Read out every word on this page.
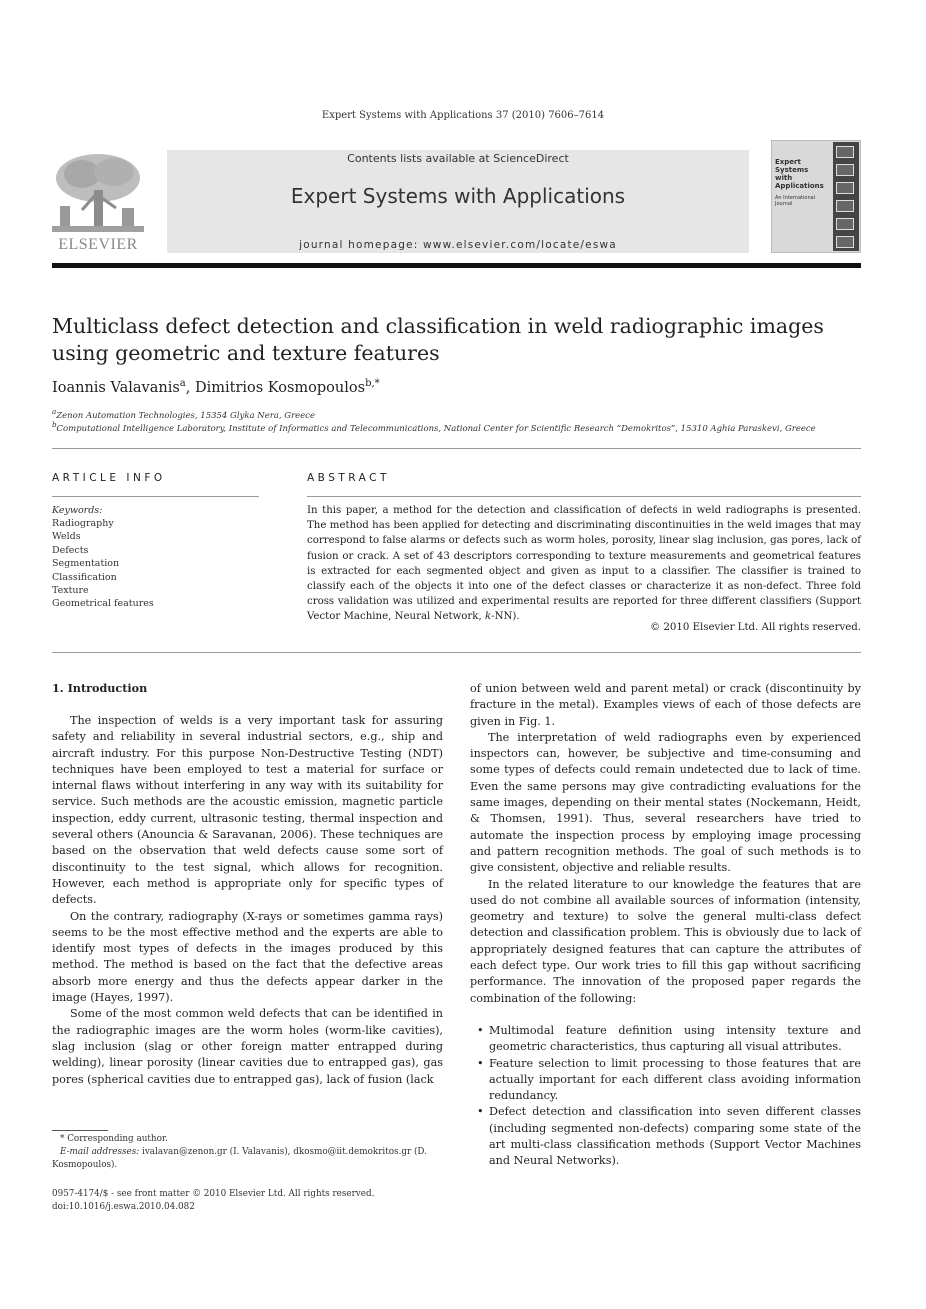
Expert Systems with Applications 37 (2010) 7606–7614
ELSEVIER
Contents lists available at ScienceDirect
Expert Systems with Applications
journal homepage: www.elsevier.com/locate/eswa
Expert
Systems
with
Applications
An International
Journal
Multiclass defect detection and classification in weld radiographic images
using geometric and texture features
Ioannis Valavanis$^a$, Dimitrios Kosmopoulos$^{b,*}$
$^a$Zenon Automation Technologies, 15354 Glyka Nera, Greece
$^b$Computational Intelligence Laboratory, Institute of Informatics and Telecommunications, National Center for Scientific Research “Demokritos”, 15310 Aghia Paraskevi, Greece
ARTICLE INFO
Keywords:
Radiography
Welds
Defects
Segmentation
Classification
Texture
Geometrical features
ABSTRACT
In this paper, a method for the detection and classification of defects in weld radiographs is presented. The method has been applied for detecting and discriminating discontinuities in the weld images that may correspond to false alarms or defects such as worm holes, porosity, linear slag inclusion, gas pores, lack of fusion or crack. A set of 43 descriptors corresponding to texture measurements and geometrical features is extracted for each segmented object and given as input to a classifier. The classifier is trained to classify each of the objects it into one of the defect classes or characterize it as non-defect. Three fold cross validation was utilized and experimental results are reported for three different classifiers (Support Vector Machine, Neural Network, k-NN).
© 2010 Elsevier Ltd. All rights reserved.
1. Introduction

The inspection of welds is a very important task for assuring safety and reliability in several industrial sectors, e.g., ship and aircraft industry. For this purpose Non-Destructive Testing (NDT) techniques have been employed to test a material for surface or internal flaws without interfering in any way with its suitability for service. Such methods are the acoustic emission, magnetic particle inspection, eddy current, ultrasonic testing, thermal inspection and several others (Anouncia & Saravanan, 2006). These techniques are based on the observation that weld defects cause some sort of discontinuity to the test signal, which allows for recognition. However, each method is appropriate only for specific types of defects.

On the contrary, radiography (X-rays or sometimes gamma rays) seems to be the most effective method and the experts are able to identify most types of defects in the images produced by this method. The method is based on the fact that the defective areas absorb more energy and thus the defects appear darker in the image (Hayes, 1997).

Some of the most common weld defects that can be identified in the radiographic images are the worm holes (worm-like cavities), slag inclusion (slag or other foreign matter entrapped during welding), linear porosity (linear cavities due to entrapped gas), gas pores (spherical cavities due to entrapped gas), lack of fusion (lack

of union between weld and parent metal) or crack (discontinuity by fracture in the metal). Examples views of each of those defects are given in Fig. 1.

The interpretation of weld radiographs even by experienced inspectors can, however, be subjective and time-consuming and some types of defects could remain undetected due to lack of time. Even the same persons may give contradicting evaluations for the same images, depending on their mental states (Nockemann, Heidt, & Thomsen, 1991). Thus, several researchers have tried to automate the inspection process by employing image processing and pattern recognition methods. The goal of such methods is to give consistent, objective and reliable results.

In the related literature to our knowledge the features that are used do not combine all available sources of information (intensity, geometry and texture) to solve the general multi-class defect detection and classification problem. This is obviously due to lack of appropriately designed features that can capture the attributes of each defect type. Our work tries to fill this gap without sacrificing performance. The innovation of the proposed paper regards the combination of the following:

• Multimodal feature definition using intensity texture and geometric characteristics, thus capturing all visual attributes.
• Feature selection to limit processing to those features that are actually important for each different class avoiding information redundancy.
• Defect detection and classification into seven different classes (including segmented non-defects) comparing some state of the art multi-class classification methods (Support Vector Machines and Neural Networks).
* Corresponding author.
E-mail addresses: ivalavan@zenon.gr (I. Valavanis), dkosmo@iit.demokritos.gr (D. Kosmopoulos).
0957-4174/$ - see front matter © 2010 Elsevier Ltd. All rights reserved.
doi:10.1016/j.eswa.2010.04.082
